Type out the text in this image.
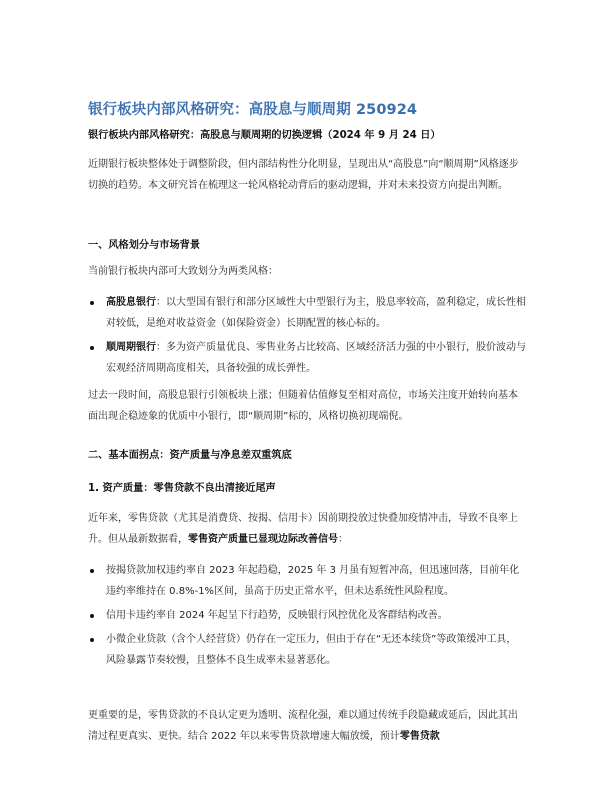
银行板块内部风格研究：高股息与顺周期 250924
银行板块内部风格研究：高股息与顺周期的切换逻辑（2024 年 9 月 24 日）
近期银行板块整体处于调整阶段，但内部结构性分化明显，呈现出从“高股息”向“顺周期”风格逐步切换的趋势。本文研究旨在梳理这一轮风格轮动背后的驱动逻辑，并对未来投资方向提出判断。
一、风格划分与市场背景
当前银行板块内部可大致划分为两类风格：
高股息银行：以大型国有银行和部分区域性大中型银行为主，股息率较高，盈利稳定，成长性相对较低，是绝对收益资金（如保险资金）长期配置的核心标的。
顺周期银行：多为资产质量优良、零售业务占比较高、区域经济活力强的中小银行，股价波动与宏观经济周期高度相关，具备较强的成长弹性。
过去一段时间，高股息银行引领板块上涨；但随着估值修复至相对高位，市场关注度开始转向基本面出现企稳迹象的优质中小银行，即“顺周期”标的，风格切换初现端倪。
二、基本面拐点：资产质量与净息差双重筑底
1. 资产质量：零售贷款不良出清接近尾声
近年来，零售贷款（尤其是消费贷、按揭、信用卡）因前期投放过快叠加疫情冲击，导致不良率上升。但从最新数据看，零售资产质量已显现边际改善信号：
按揭贷款加权违约率自 2023 年起趋稳，2025 年 3 月虽有短暂冲高，但迅速回落，目前年化违约率维持在 0.8%-1%区间，虽高于历史正常水平，但未达系统性风险程度。
信用卡违约率自 2024 年起呈下行趋势，反映银行风控优化及客群结构改善。
小微企业贷款（含个人经营贷）仍存在一定压力，但由于存在“无还本续贷”等政策缓冲工具，风险暴露节奏较慢，且整体不良生成率未显著恶化。
更重要的是，零售贷款的不良认定更为透明、流程化强，难以通过传统手段隐藏或延后，因此其出清过程更真实、更快。结合 2022 年以来零售贷款增速大幅放缓，预计零售贷款
